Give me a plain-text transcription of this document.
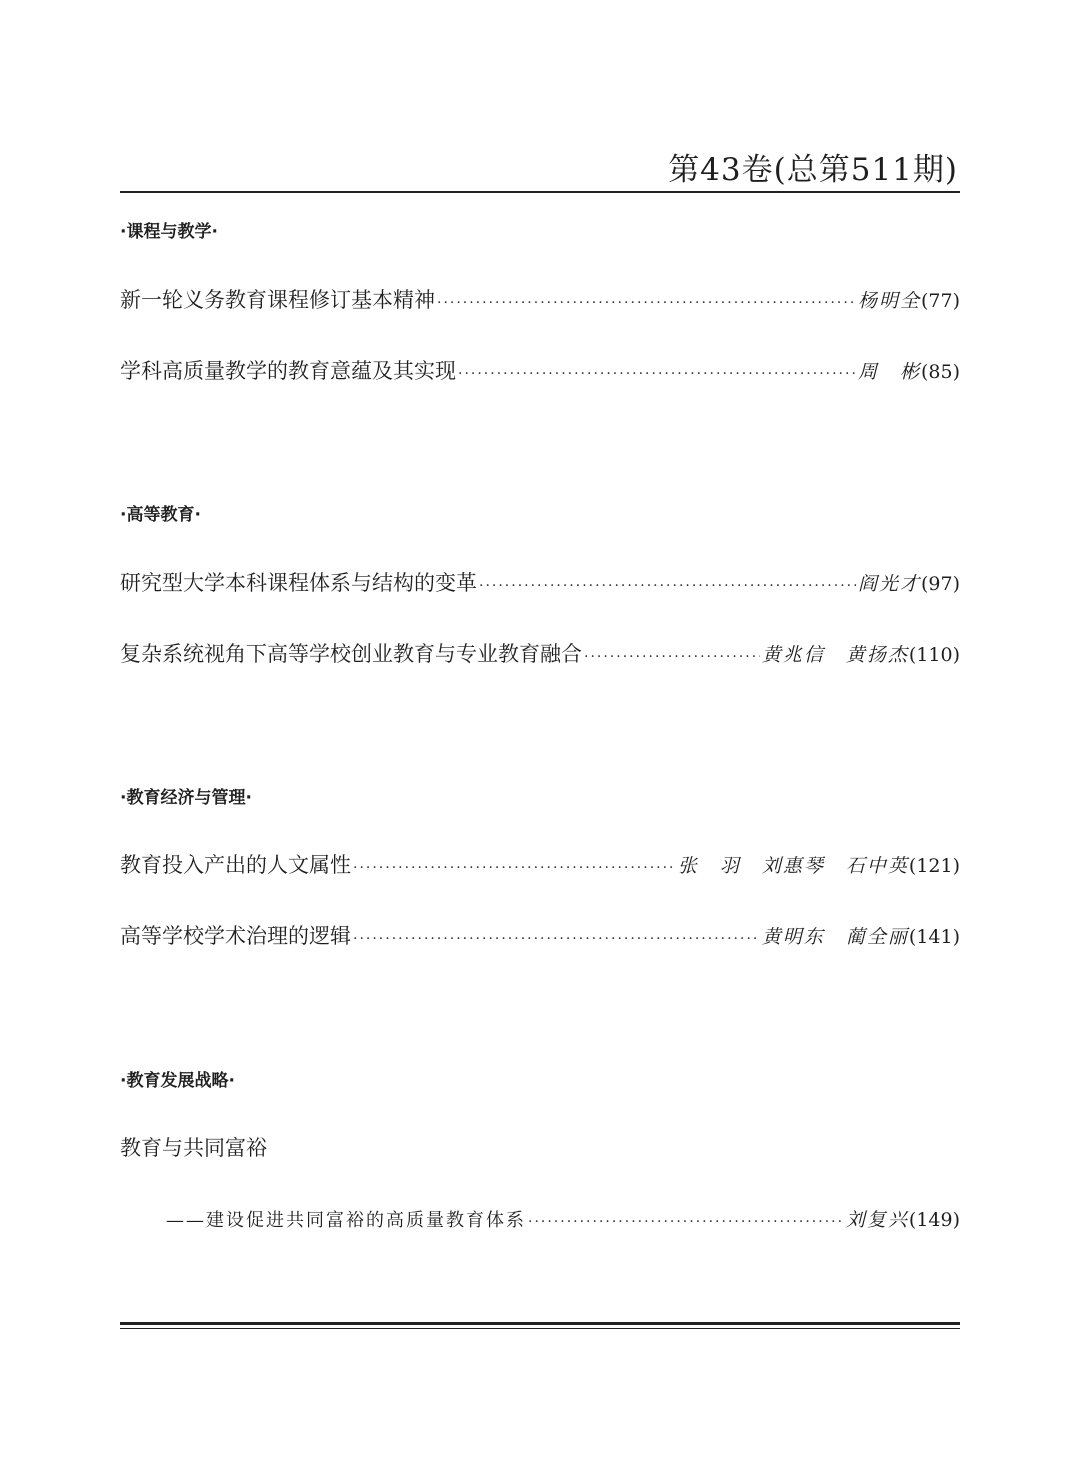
第43卷(总第511期)
·课程与教学·
新一轮义务教育课程修订基本精神 ·····	杨明全 (77)
学科高质量教学的教育意蕴及其实现 ·····	周　彬 (85)
·高等教育·
研究型大学本科课程体系与结构的变革 ·····	阎光才 (97)
复杂系统视角下高等学校创业教育与专业教育融合 ·····	黄兆信　黄扬杰 (110)
·教育经济与管理·
教育投入产出的人文属性 ·····	张　羽　刘惠琴　石中英 (121)
高等学校学术治理的逻辑 ·····	黄明东　蔺全丽 (141)
·教育发展战略·
教育与共同富裕
——建设促进共同富裕的高质量教育体系 ·····	刘复兴 (149)
